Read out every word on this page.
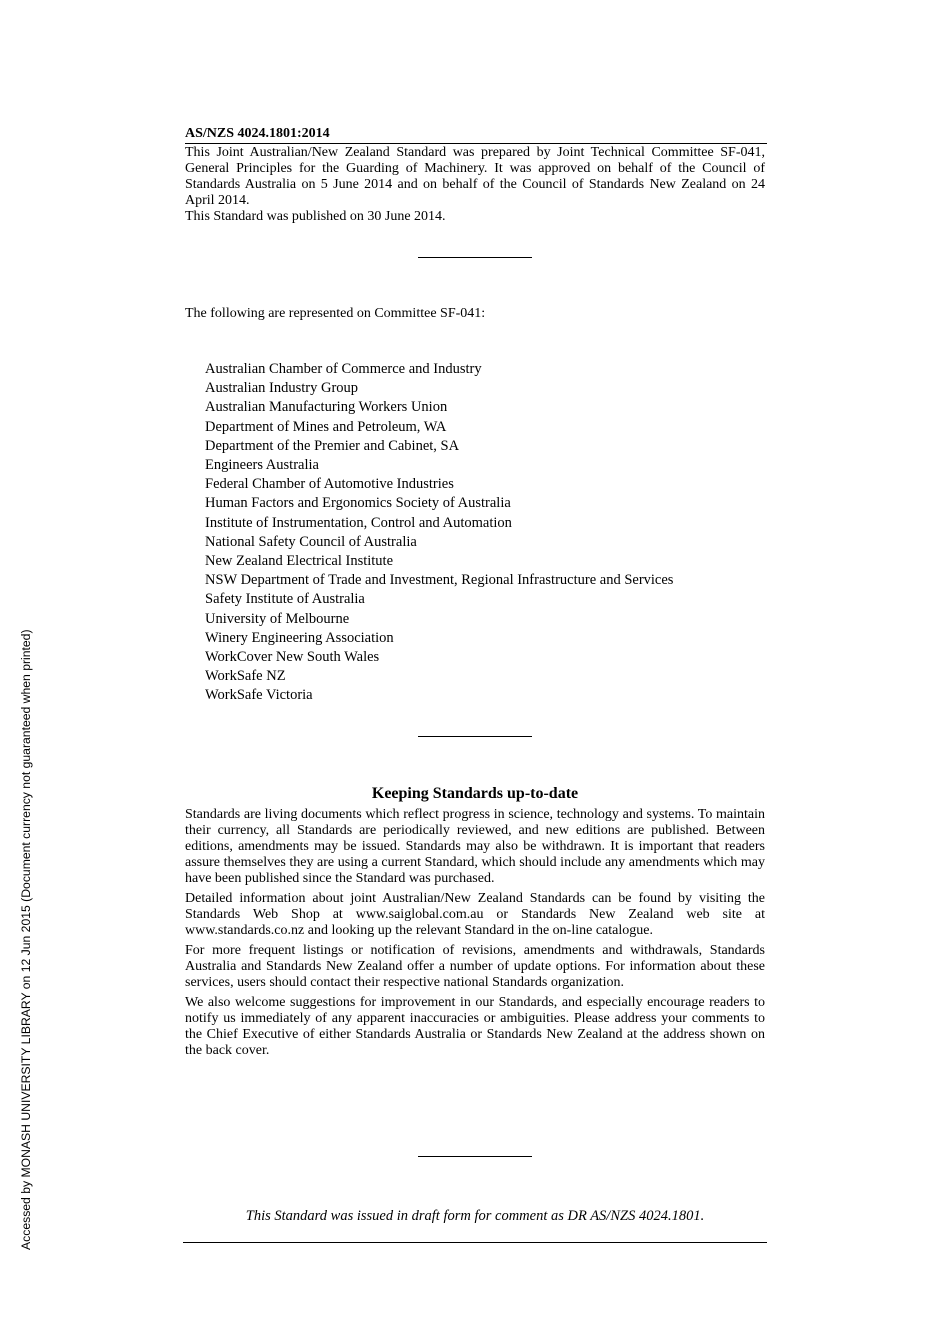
AS/NZS 4024.1801:2014

This Joint Australian/New Zealand Standard was prepared by Joint Technical Committee SF-041, General Principles for the Guarding of Machinery. It was approved on behalf of the Council of Standards Australia on 5 June 2014 and on behalf of the Council of Standards New Zealand on 24 April 2014.

This Standard was published on 30 June 2014.

The following are represented on Committee SF-041:
Australian Chamber of Commerce and Industry
Australian Industry Group
Australian Manufacturing Workers Union
Department of Mines and Petroleum, WA
Department of the Premier and Cabinet, SA
Engineers Australia
Federal Chamber of Automotive Industries
Human Factors and Ergonomics Society of Australia
Institute of Instrumentation, Control and Automation
National Safety Council of Australia
New Zealand Electrical Institute
NSW Department of Trade and Investment, Regional Infrastructure and Services
Safety Institute of Australia
University of Melbourne
Winery Engineering Association
WorkCover New South Wales
WorkSafe NZ
WorkSafe Victoria
Keeping Standards up-to-date

Standards are living documents which reflect progress in science, technology and systems. To maintain their currency, all Standards are periodically reviewed, and new editions are published. Between editions, amendments may be issued. Standards may also be withdrawn. It is important that readers assure themselves they are using a current Standard, which should include any amendments which may have been published since the Standard was purchased.

Detailed information about joint Australian/New Zealand Standards can be found by visiting the Standards Web Shop at www.saiglobal.com.au or Standards New Zealand web site at www.standards.co.nz and looking up the relevant Standard in the on-line catalogue.

For more frequent listings or notification of revisions, amendments and withdrawals, Standards Australia and Standards New Zealand offer a number of update options. For information about these services, users should contact their respective national Standards organization.

We also welcome suggestions for improvement in our Standards, and especially encourage readers to notify us immediately of any apparent inaccuracies or ambiguities. Please address your comments to the Chief Executive of either Standards Australia or Standards New Zealand at the address shown on the back cover.

This Standard was issued in draft form for comment as DR AS/NZS 4024.1801.
Accessed by MONASH UNIVERSITY LIBRARY on 12 Jun 2015 (Document currency not guaranteed when printed)
